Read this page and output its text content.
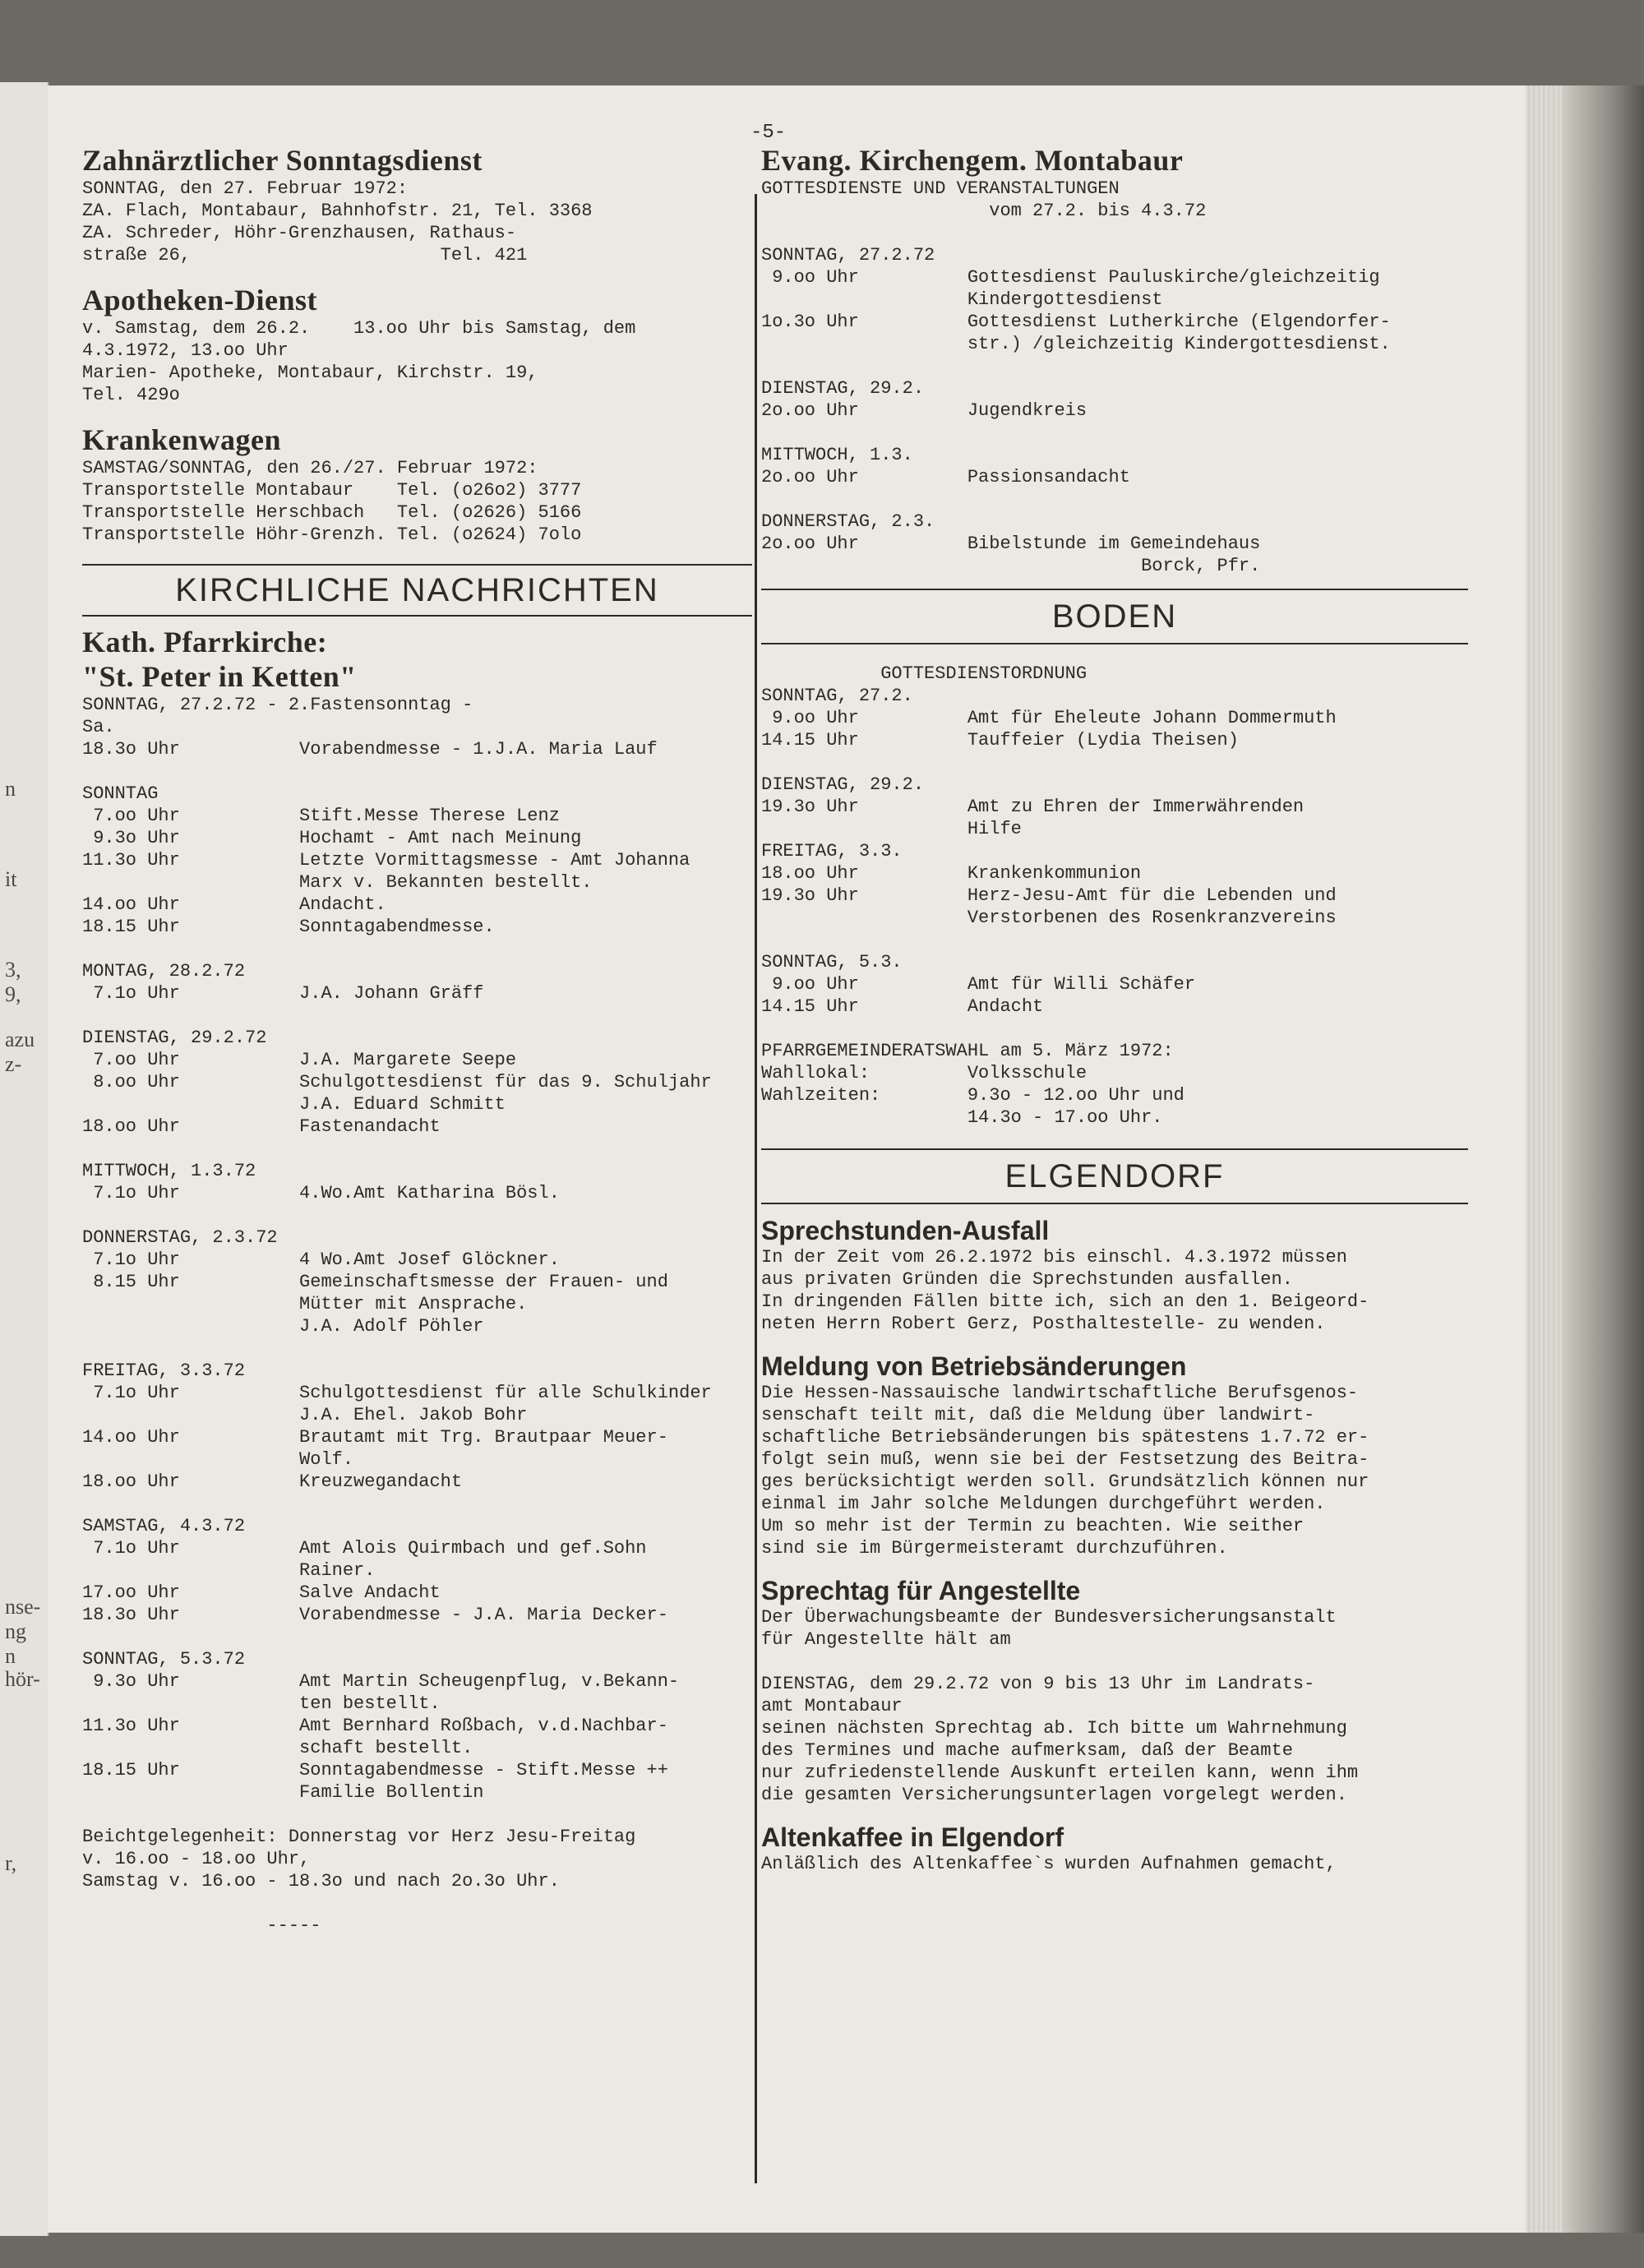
n
it
3,
9,
azu
z-
nse-
ng
n
hör-
r,
-5-
Zahnärztlicher Sonntagsdienst

SONNTAG, den 27. Februar 1972:
ZA. Flach, Montabaur, Bahnhofstr. 21, Tel. 3368
ZA. Schreder, Höhr-Grenzhausen, Rathaus-
straße 26,                       Tel. 421

Apotheken-Dienst

v. Samstag, dem 26.2.    13.oo Uhr bis Samstag, dem
4.3.1972, 13.oo Uhr
Marien- Apotheke, Montabaur, Kirchstr. 19,
Tel. 429o

Krankenwagen

SAMSTAG/SONNTAG, den 26./27. Februar 1972:
Transportstelle Montabaur    Tel. (o26o2) 3777
Transportstelle Herschbach   Tel. (o2626) 5166
Transportstelle Höhr-Grenzh. Tel. (o2624) 7olo

KIRCHLICHE NACHRICHTEN

Kath. Pfarrkirche:
"St. Peter in Ketten"

SONNTAG, 27.2.72 - 2.Fastensonntag -
Sa.
18.3o Uhr           Vorabendmesse - 1.J.A. Maria Lauf

SONNTAG
7.oo Uhr           Stift.Messe Therese Lenz
9.3o Uhr           Hochamt - Amt nach Meinung
11.3o Uhr           Letzte Vormittagsmesse - Amt Johanna
Marx v. Bekannten bestellt.
14.oo Uhr           Andacht.
18.15 Uhr           Sonntagabendmesse.

MONTAG, 28.2.72
7.1o Uhr           J.A. Johann Gräff

DIENSTAG, 29.2.72
7.oo Uhr           J.A. Margarete Seepe
8.oo Uhr           Schulgottesdienst für das 9. Schuljahr
J.A. Eduard Schmitt
18.oo Uhr           Fastenandacht

MITTWOCH, 1.3.72
7.1o Uhr           4.Wo.Amt Katharina Bösl.

DONNERSTAG, 2.3.72
7.1o Uhr           4 Wo.Amt Josef Glöckner.
8.15 Uhr           Gemeinschaftsmesse der Frauen- und
Mütter mit Ansprache.
J.A. Adolf Pöhler

FREITAG, 3.3.72
7.1o Uhr           Schulgottesdienst für alle Schulkinder
J.A. Ehel. Jakob Bohr
14.oo Uhr           Brautamt mit Trg. Brautpaar Meuer-
Wolf.
18.oo Uhr           Kreuzwegandacht

SAMSTAG, 4.3.72
7.1o Uhr           Amt Alois Quirmbach und gef.Sohn
Rainer.
17.oo Uhr           Salve Andacht
18.3o Uhr           Vorabendmesse - J.A. Maria Decker-

SONNTAG, 5.3.72
9.3o Uhr           Amt Martin Scheugenpflug, v.Bekann-
ten bestellt.
11.3o Uhr           Amt Bernhard Roßbach, v.d.Nachbar-
schaft bestellt.
18.15 Uhr           Sonntagabendmesse - Stift.Messe ++
Familie Bollentin

Beichtgelegenheit: Donnerstag vor Herz Jesu-Freitag
v. 16.oo - 18.oo Uhr,
Samstag v. 16.oo - 18.3o und nach 2o.3o Uhr.

-----

Evang. Kirchengem. Montabaur

GOTTESDIENSTE UND VERANSTALTUNGEN
vom 27.2. bis 4.3.72

SONNTAG, 27.2.72
9.oo Uhr          Gottesdienst Pauluskirche/gleichzeitig
Kindergottesdienst
1o.3o Uhr          Gottesdienst Lutherkirche (Elgendorfer-
str.) /gleichzeitig Kindergottesdienst.

DIENSTAG, 29.2.
2o.oo Uhr          Jugendkreis

MITTWOCH, 1.3.
2o.oo Uhr          Passionsandacht

DONNERSTAG, 2.3.
2o.oo Uhr          Bibelstunde im Gemeindehaus
Borck, Pfr.

BODEN

GOTTESDIENSTORDNUNG
SONNTAG, 27.2.
9.oo Uhr          Amt für Eheleute Johann Dommermuth
14.15 Uhr          Tauffeier (Lydia Theisen)

DIENSTAG, 29.2.
19.3o Uhr          Amt zu Ehren der Immerwährenden
Hilfe
FREITAG, 3.3.
18.oo Uhr          Krankenkommunion
19.3o Uhr          Herz-Jesu-Amt für die Lebenden und
Verstorbenen des Rosenkranzvereins

SONNTAG, 5.3.
9.oo Uhr          Amt für Willi Schäfer
14.15 Uhr          Andacht

PFARRGEMEINDERATSWAHL am 5. März 1972:
Wahllokal:         Volksschule
Wahlzeiten:        9.3o - 12.oo Uhr und
14.3o - 17.oo Uhr.

ELGENDORF

Sprechstunden-Ausfall

In der Zeit vom 26.2.1972 bis einschl. 4.3.1972 müssen
aus privaten Gründen die Sprechstunden ausfallen.
In dringenden Fällen bitte ich, sich an den 1. Beigeord-
neten Herrn Robert Gerz, Posthaltestelle- zu wenden.

Meldung von Betriebsänderungen

Die Hessen-Nassauische landwirtschaftliche Berufsgenos-
senschaft teilt mit, daß die Meldung über landwirt-
schaftliche Betriebsänderungen bis spätestens 1.7.72 er-
folgt sein muß, wenn sie bei der Festsetzung des Beitra-
ges berücksichtigt werden soll. Grundsätzlich können nur
einmal im Jahr solche Meldungen durchgeführt werden.
Um so mehr ist der Termin zu beachten. Wie seither
sind sie im Bürgermeisteramt durchzuführen.

Sprechtag für Angestellte

Der Überwachungsbeamte der Bundesversicherungsanstalt
für Angestellte hält am

DIENSTAG, dem 29.2.72 von 9 bis 13 Uhr im Landrats-
amt Montabaur
seinen nächsten Sprechtag ab. Ich bitte um Wahrnehmung
des Termines und mache aufmerksam, daß der Beamte
nur zufriedenstellende Auskunft erteilen kann, wenn ihm
die gesamten Versicherungsunterlagen vorgelegt werden.

Altenkaffee in Elgendorf

Anläßlich des Altenkaffee`s wurden Aufnahmen gemacht,
